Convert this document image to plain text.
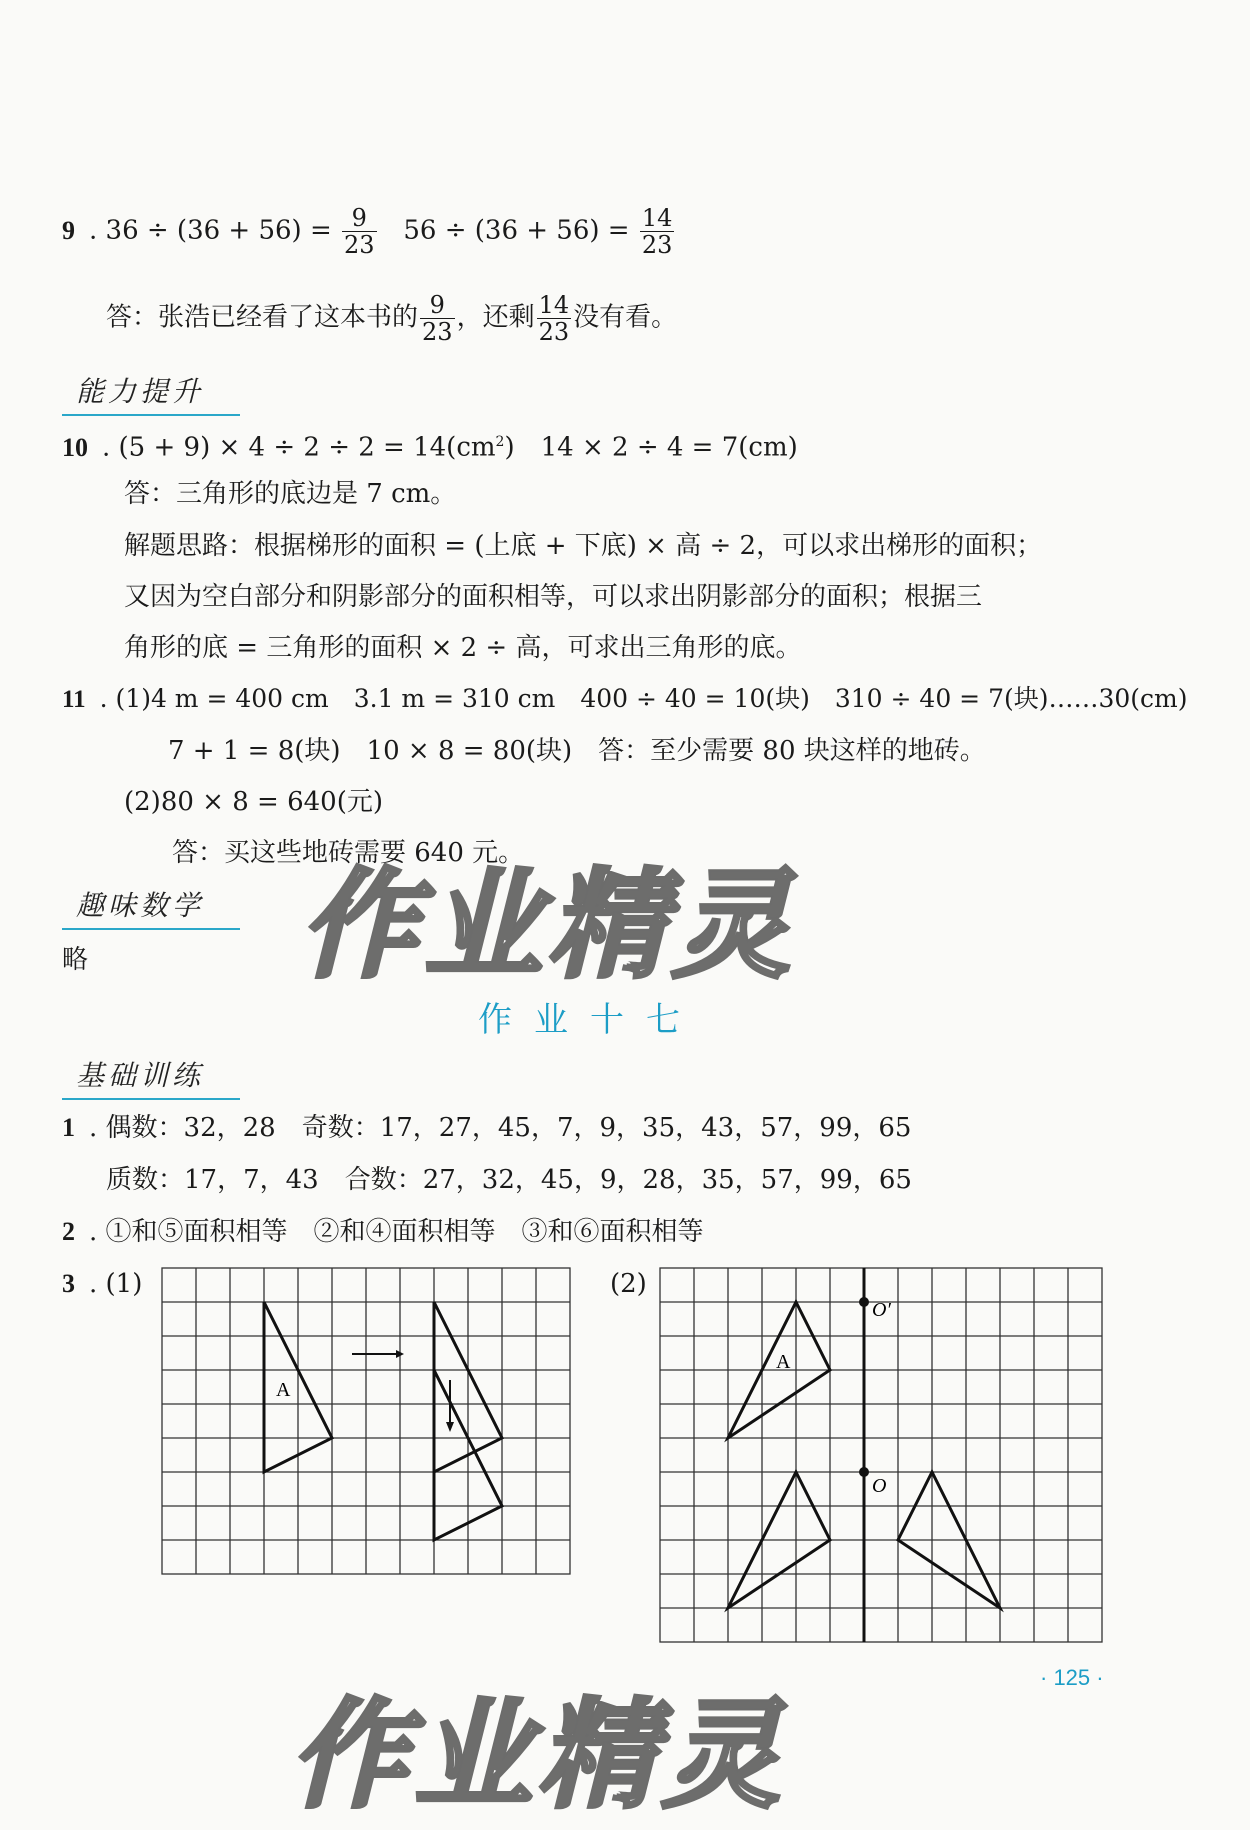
9 . $36 \div (36 + 56) = \frac{9}{23} 56 \div (36 + 56) = \frac{14}{23}$
答：张浩已经看了这本书的 $\frac{9}{23}$ ，还剩 $\frac{14}{23}$ 没有看。
能力提升
10 . $(5 + 9) \times 4 \div 2 \div 2 = 14(cm^2)$　14 × 2 ÷ 4 = 7(cm)
答：三角形的底边是 7 cm。
解题思路：根据梯形的面积 = (上底 + 下底) × 高 ÷ 2，可以求出梯形的面积；
又因为空白部分和阴影部分的面积相等，可以求出阴影部分的面积；根据三
角形的底 = 三角形的面积 × 2 ÷ 高，可求出三角形的底。
11 . (1)4 m = 400 cm　3.1 m = 310 cm　400 ÷ 40 = 10(块)　310 ÷ 40 = 7(块)……30(cm)
7 + 1 = 8(块)　10 × 8 = 80(块)　答：至少需要 80 块这样的地砖。
(2)80 × 8 = 640(元)
答：买这些地砖需要 640 元。
趣味数学
略
作业十七
基础训练
1 . 偶数：32，28　奇数：17，27，45，7，9，35，43，57，99，65
质数：17，7，43　合数：27，32，45，9，28，35，57，99，65
2 . ①和⑤面积相等　②和④面积相等　③和⑥面积相等
3 . (1)	(2)
A
O′
O
A
· 125 ·
作业精灵
作业精灵
